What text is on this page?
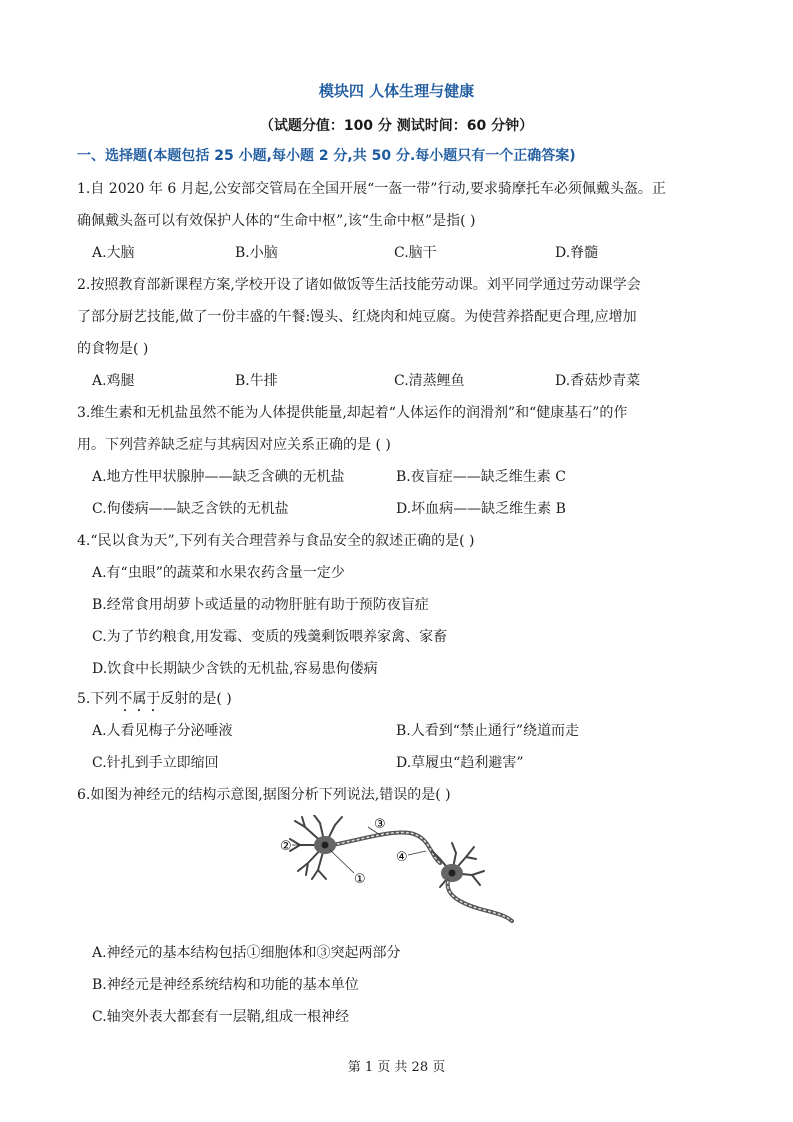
模块四 人体生理与健康
（试题分值：100 分 测试时间：60 分钟）
一、选择题(本题包括 25 小题,每小题 2 分,共 50 分.每小题只有一个正确答案)
1.自 2020 年 6 月起,公安部交管局在全国开展“一盔一带”行动,要求骑摩托车必须佩戴头盔。正
确佩戴头盔可以有效保护人体的“生命中枢”,该“生命中枢”是指( )
A.大脑	B.小脑	C.脑干	D.脊髓
2.按照教育部新课程方案,学校开设了诸如做饭等生活技能劳动课。刘平同学通过劳动课学会
了部分厨艺技能,做了一份丰盛的午餐:馒头、红烧肉和炖豆腐。为使营养搭配更合理,应增加
的食物是( )
A.鸡腿	B.牛排	C.清蒸鲤鱼	D.香菇炒青菜
3.维生素和无机盐虽然不能为人体提供能量,却起着“人体运作的润滑剂”和“健康基石”的作
用。下列营养缺乏症与其病因对应关系正确的是 ( )
A.地方性甲状腺肿——缺乏含碘的无机盐	B.夜盲症——缺乏维生素 C
C.佝偻病——缺乏含铁的无机盐	D.坏血病——缺乏维生素 B
4.“民以食为天”,下列有关合理营养与食品安全的叙述正确的是( )
A.有“虫眼”的蔬菜和水果农药含量一定少
B.经常食用胡萝卜或适量的动物肝脏有助于预防夜盲症
C.为了节约粮食,用发霉、变质的残羹剩饭喂养家禽、家畜
D.饮食中长期缺少含铁的无机盐,容易患佝偻病
5.下列不属于反射的是( )
A.人看见梅子分泌唾液	B.人看到“禁止通行”绕道而走
C.针扎到手立即缩回	D.草履虫“趋利避害”
6.如图为神经元的结构示意图,据图分析下列说法,错误的是( )
②
①
③
④
A.神经元的基本结构包括①细胞体和③突起两部分
B.神经元是神经系统结构和功能的基本单位
C.轴突外表大都套有一层鞘,组成一根神经
第 1 页 共 28 页
